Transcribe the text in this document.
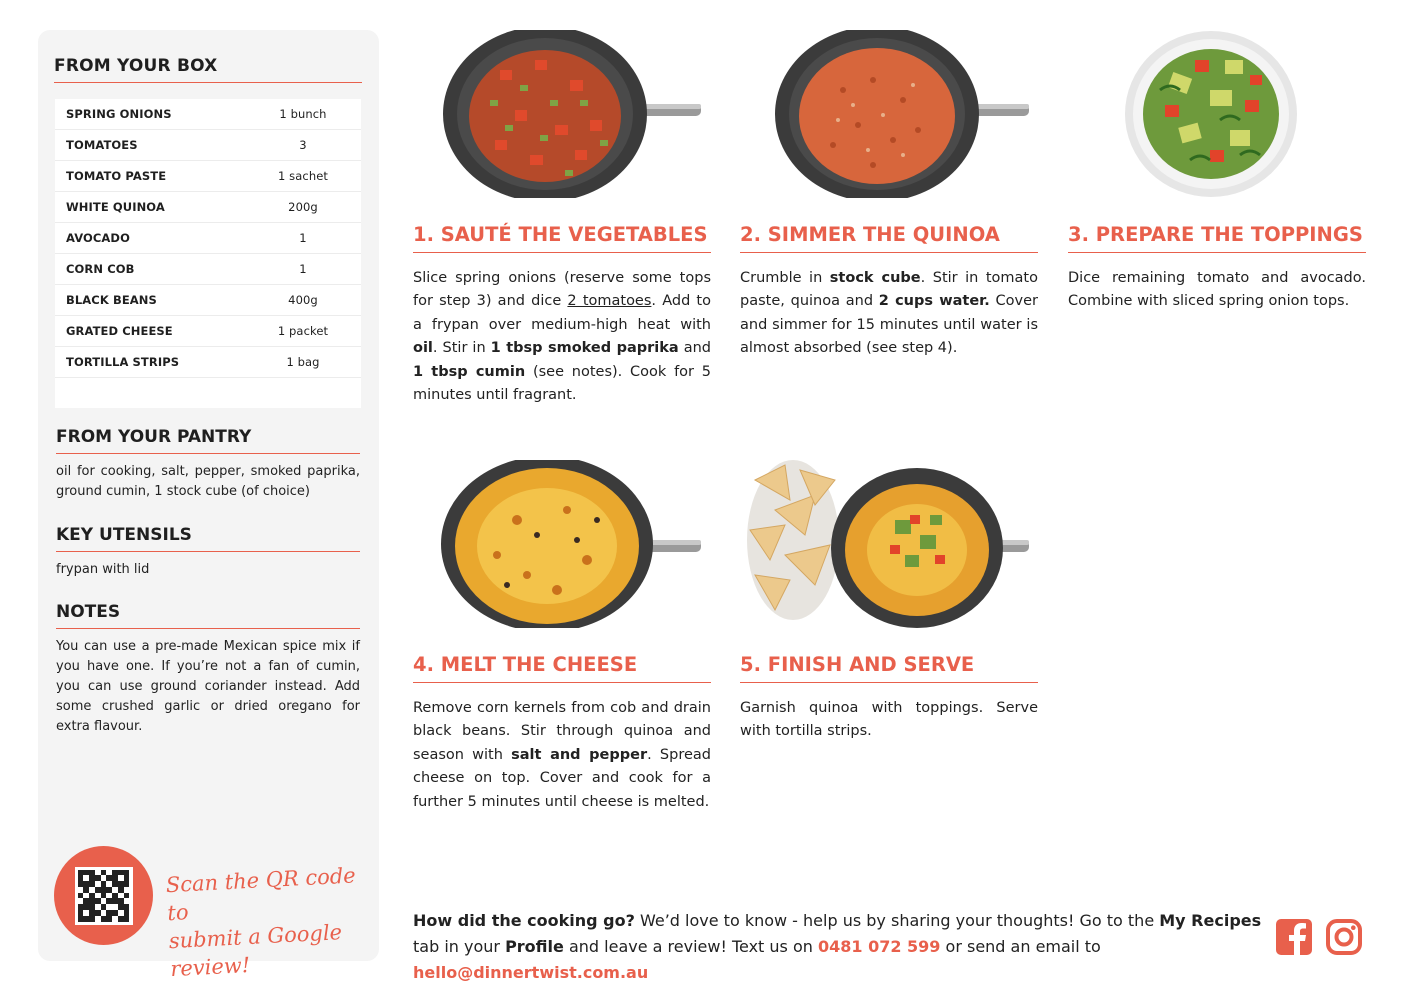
FROM YOUR BOX
SPRING ONIONS	1 bunch
TOMATOES	3
TOMATO PASTE	1 sachet
WHITE QUINOA	200g
AVOCADO	1
CORN COB	1
BLACK BEANS	400g
GRATED CHEESE	1 packet
TORTILLA STRIPS	1 bag
FROM YOUR PANTRY

oil for cooking, salt, pepper, smoked paprika, ground cumin, 1 stock cube (of choice)

KEY UTENSILS

frypan with lid

NOTES

You can use a pre-made Mexican spice mix if you have one. If you’re not a fan of cumin, you can use ground coriander instead. Add some crushed garlic or dried oregano for extra flavour.

Scan the QR code to
submit a Google review!
1. SAUTÉ THE VEGETABLES

Slice spring onions (reserve some tops for step 3) and dice 2 tomatoes. Add to a frypan over medium-high heat with oil. Stir in 1 tbsp smoked paprika and 1 tbsp cumin (see notes). Cook for 5 minutes until fragrant.

2. SIMMER THE QUINOA

Crumble in stock cube. Stir in tomato paste, quinoa and 2 cups water. Cover and simmer for 15 minutes until water is almost absorbed (see step 4).

3. PREPARE THE TOPPINGS

Dice remaining tomato and avocado. Combine with sliced spring onion tops.

4. MELT THE CHEESE

Remove corn kernels from cob and drain black beans. Stir through quinoa and season with salt and pepper. Spread cheese on top. Cover and cook for a further 5 minutes until cheese is melted.

5. FINISH AND SERVE

Garnish quinoa with toppings. Serve with tortilla strips.

How did the cooking go? We’d love to know - help us by sharing your thoughts! Go to the My Recipes tab in your Profile and leave a review! Text us on 0481 072 599 or send an email to hello@dinnertwist.com.au
